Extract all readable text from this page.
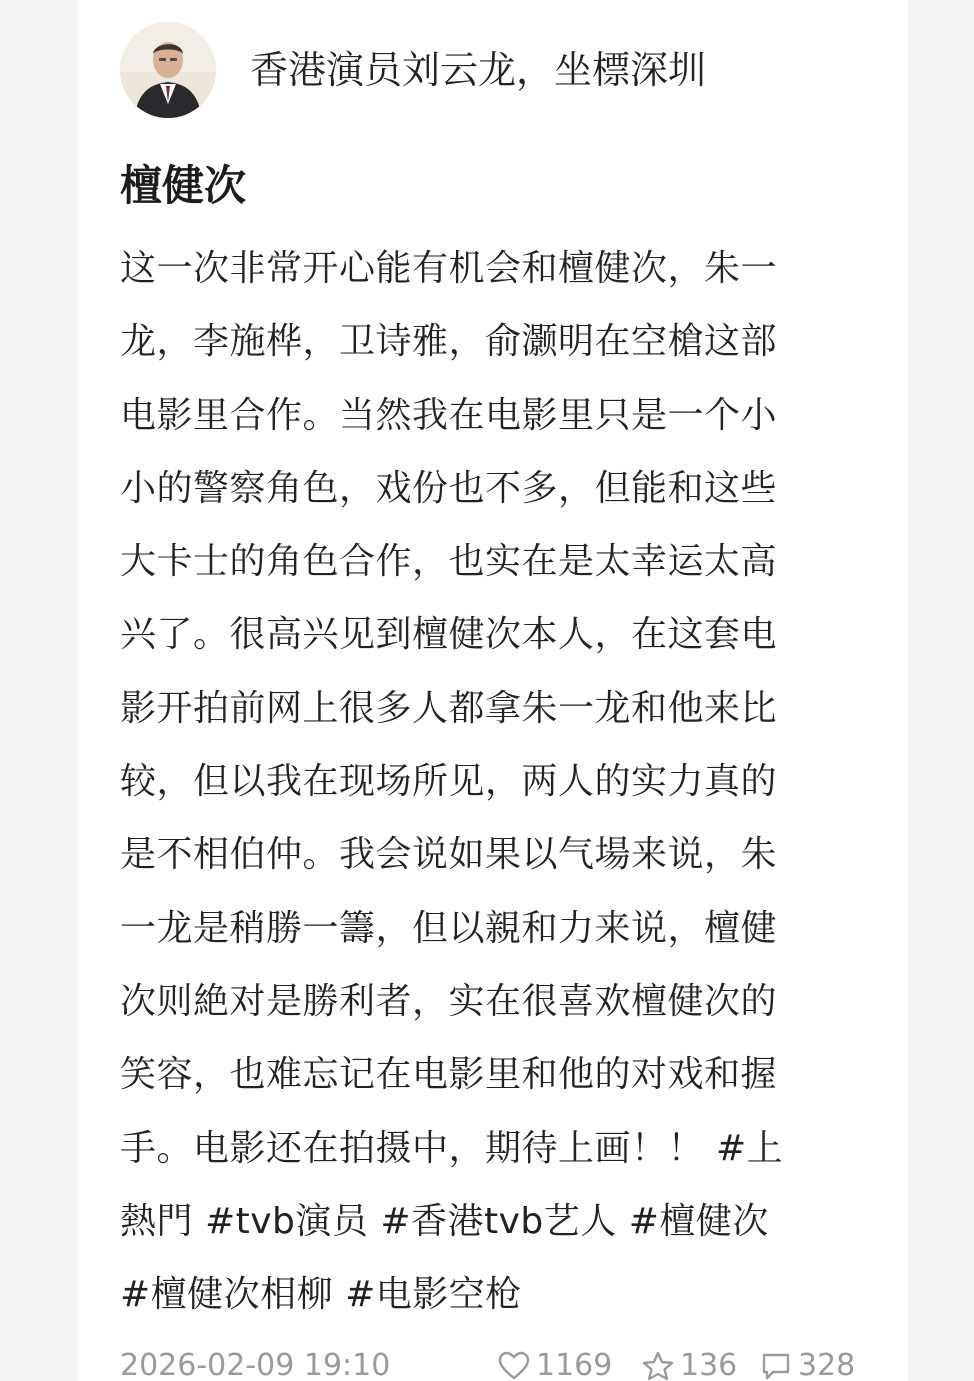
香港演员刘云龙，坐標深圳
檀健次
这一次非常开心能有机会和檀健次，朱一
龙，李施桦，卫诗雅，俞灏明在空槍这部
电影里合作。当然我在电影里只是一个小
小的警察角色，戏份也不多，但能和这些
大卡士的角色合作，也实在是太幸运太高
兴了。很高兴见到檀健次本人，在这套电
影开拍前网上很多人都拿朱一龙和他来比
较，但以我在现场所见，两人的实力真的
是不相伯仲。我会说如果以气場来说，朱
一龙是稍勝一籌，但以親和力来说，檀健
次则絶对是勝利者，实在很喜欢檀健次的
笑容，也难忘记在电影里和他的对戏和握
手。电影还在拍摄中，期待上画！！ #上
熱門 #tvb演员 #香港tvb艺人 #檀健次
#檀健次相柳 #电影空枪
2026-02-09 19:10	1169 136 328
